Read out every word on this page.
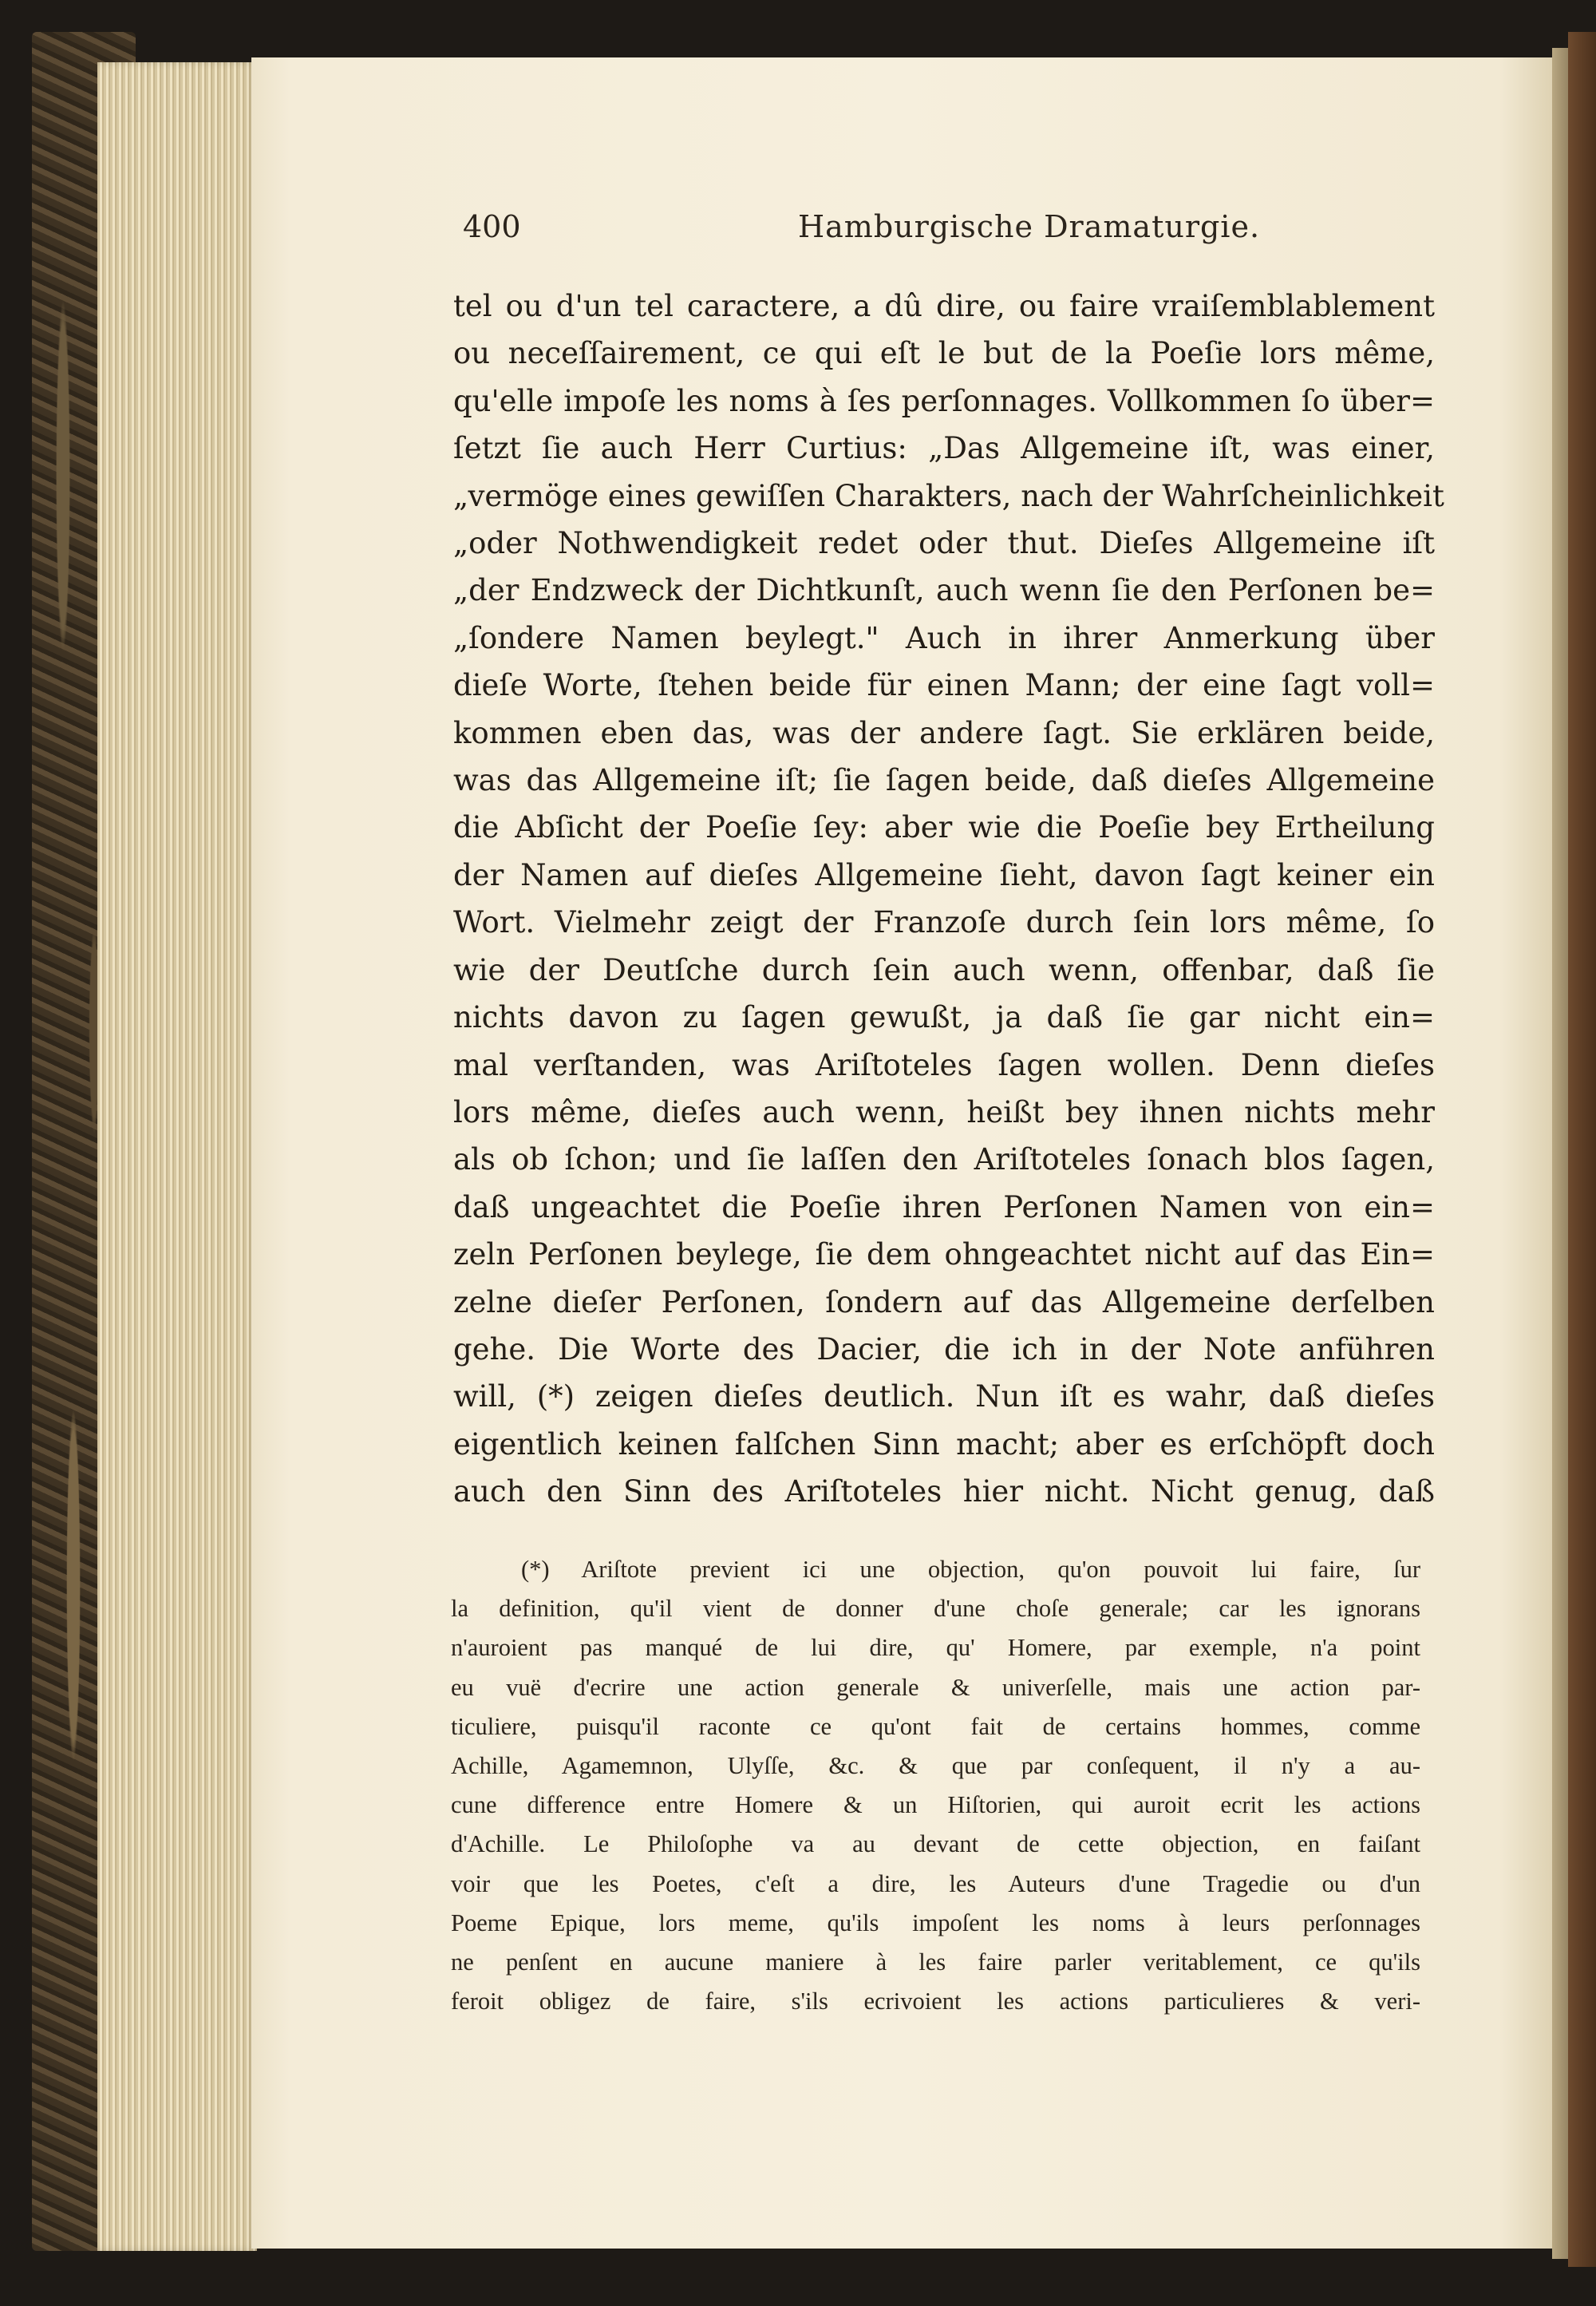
400	Hamburgische Dramaturgie.
tel ou d'un tel caractere, a dû dire, ou faire vraiſemblablement
ou neceſſairement, ce qui eſt le but de la Poeſie lors même,
qu'elle impoſe les noms à ſes perſonnages. Vollkommen ſo über=
ſetzt ſie auch Herr Curtius: „Das Allgemeine iſt, was einer,
„vermöge eines gewiſſen Charakters, nach der Wahrſcheinlichkeit
„oder Nothwendigkeit redet oder thut. Dieſes Allgemeine iſt
„der Endzweck der Dichtkunſt, auch wenn ſie den Perſonen be=
„ſondere Namen beylegt." Auch in ihrer Anmerkung über
dieſe Worte, ſtehen beide für einen Mann; der eine ſagt voll=
kommen eben das, was der andere ſagt. Sie erklären beide,
was das Allgemeine iſt; ſie ſagen beide, daß dieſes Allgemeine
die Abſicht der Poeſie ſey: aber wie die Poeſie bey Ertheilung
der Namen auf dieſes Allgemeine ſieht, davon ſagt keiner ein
Wort. Vielmehr zeigt der Franzoſe durch ſein lors même, ſo
wie der Deutſche durch ſein auch wenn, offenbar, daß ſie
nichts davon zu ſagen gewußt, ja daß ſie gar nicht ein=
mal verſtanden, was Ariſtoteles ſagen wollen. Denn dieſes
lors même, dieſes auch wenn, heißt bey ihnen nichts mehr
als ob ſchon; und ſie laſſen den Ariſtoteles ſonach blos ſagen,
daß ungeachtet die Poeſie ihren Perſonen Namen von ein=
zeln Perſonen beylege, ſie dem ohngeachtet nicht auf das Ein=
zelne dieſer Perſonen, ſondern auf das Allgemeine derſelben
gehe. Die Worte des Dacier, die ich in der Note anführen
will, (*) zeigen dieſes deutlich. Nun iſt es wahr, daß dieſes
eigentlich keinen falſchen Sinn macht; aber es erſchöpft doch
auch den Sinn des Ariſtoteles hier nicht. Nicht genug, daß
(*) Ariſtote previent ici une objection, qu'on pouvoit lui faire, ſur
la definition, qu'il vient de donner d'une choſe generale; car les ignorans
n'auroient pas manqué de lui dire, qu' Homere, par exemple, n'a point
eu vuë d'ecrire une action generale & univerſelle, mais une action par-
ticuliere, puisqu'il raconte ce qu'ont fait de certains hommes, comme
Achille, Agamemnon, Ulyſſe, &c. & que par conſequent, il n'y a au-
cune difference entre Homere & un Hiſtorien, qui auroit ecrit les actions
d'Achille. Le Philoſophe va au devant de cette objection, en faiſant
voir que les Poetes, c'eſt a dire, les Auteurs d'une Tragedie ou d'un
Poeme Epique, lors meme, qu'ils impoſent les noms à leurs perſonnages
ne penſent en aucune maniere à les faire parler veritablement, ce qu'ils
feroit obligez de faire, s'ils ecrivoient les actions particulieres & veri-
